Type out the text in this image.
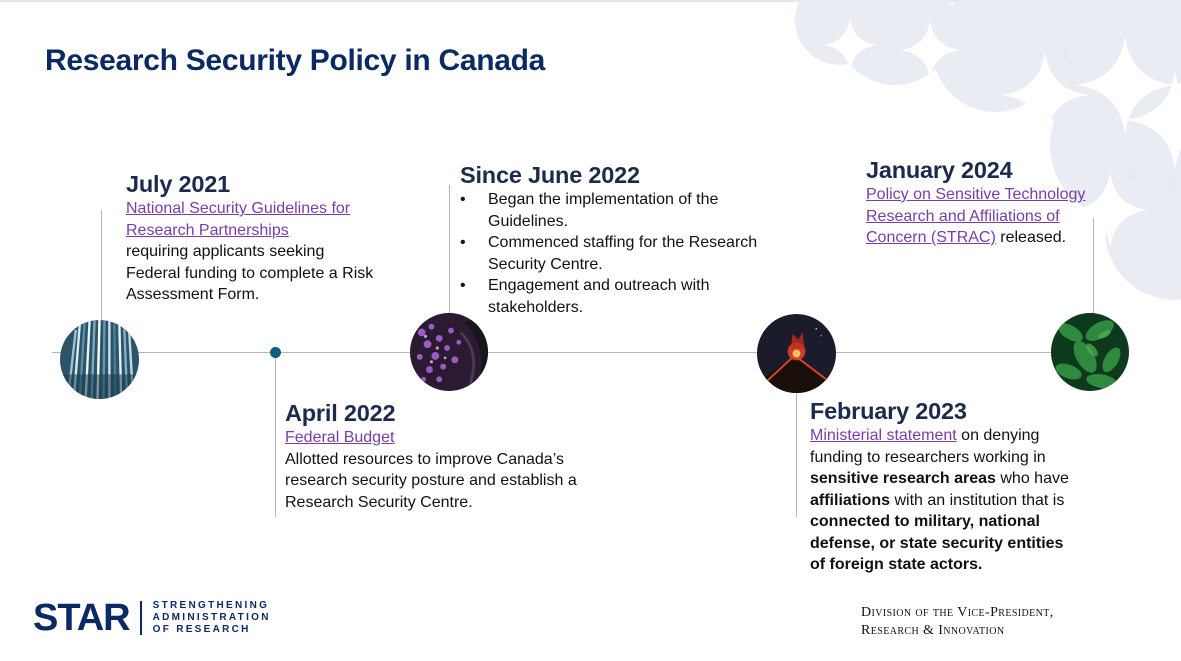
Research Security Policy in Canada
July 2021
National Security Guidelines for Research Partnerships
requiring applicants seeking Federal funding to complete a Risk Assessment Form.
April 2022
Federal Budget
Allotted resources to improve Canada’s research security posture and establish a Research Security Centre.
Since June 2022
• Began the implementation of the Guidelines.
• Commenced staffing for the Research Security Centre.
• Engagement and outreach with stakeholders.
February 2023
Ministerial statement on denying funding to researchers working in sensitive research areas who have affiliations with an institution that is connected to military, national defense, or state security entities of foreign state actors.
January 2024
Policy on Sensitive Technology Research and Affiliations of Concern (STRAC) released.
STAR STRENGTHENING
ADMINISTRATION
OF RESEARCH
Division of the Vice-President,
Research & Innovation
